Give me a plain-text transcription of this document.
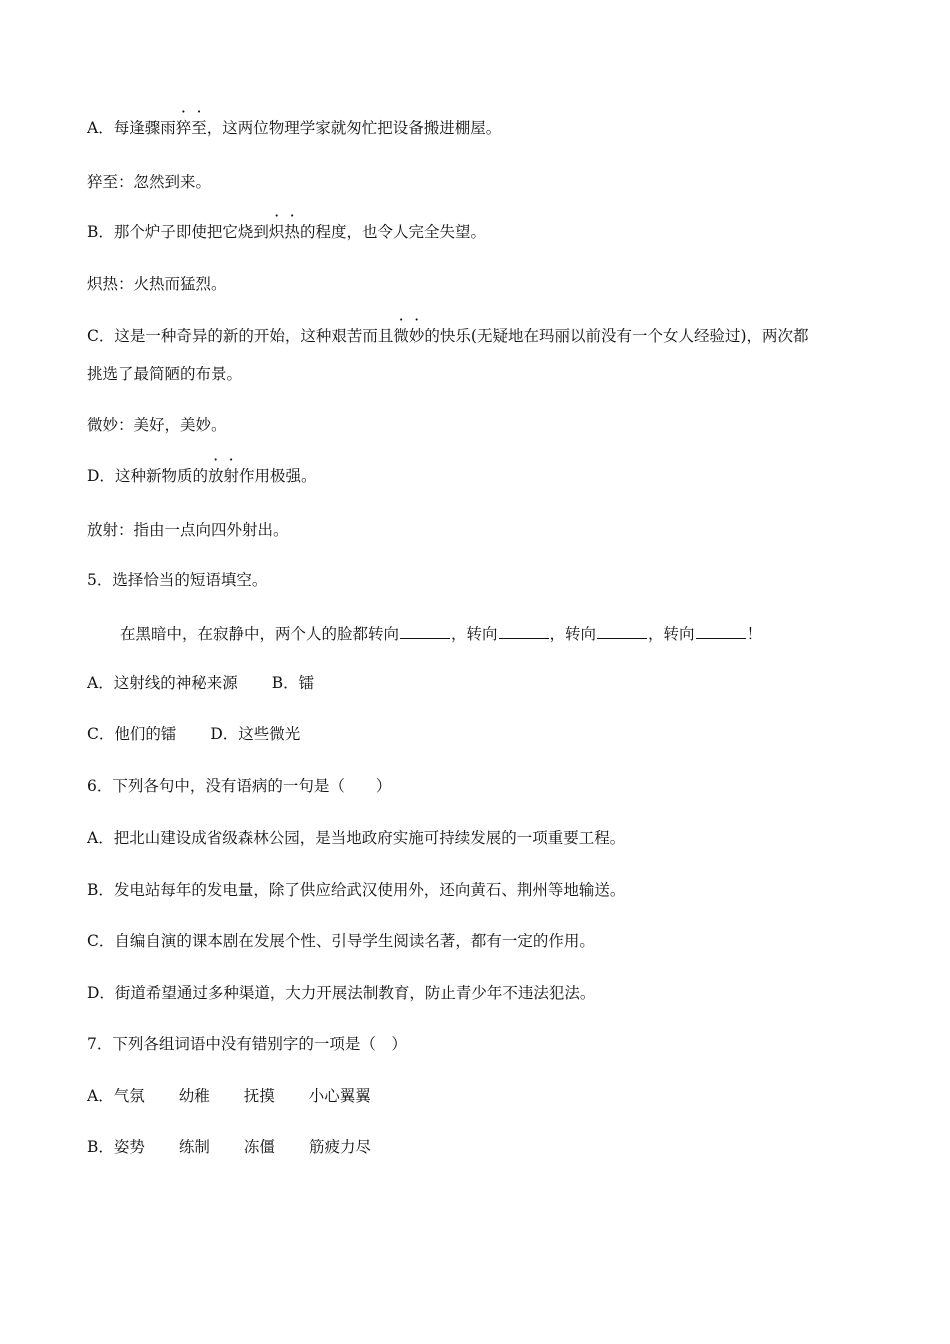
A．每逢骤雨猝至，这两位物理学家就匆忙把设备搬进棚屋。
猝至：忽然到来。
B．那个炉子即使把它烧到炽热的程度，也令人完全失望。
炽热：火热而猛烈。
C．这是一种奇异的新的开始，这种艰苦而且微妙的快乐(无疑地在玛丽以前没有一个女人经验过)，两次都
挑选了最简陋的布景。
微妙：美好，美妙。
D．这种新物质的放射作用极强。
放射：指由一点向四外射出。
5．选择恰当的短语填空。
在黑暗中，在寂静中，两个人的脸都转向	，转向	，转向	，转向	！
A．这射线的神秘来源 B．镭
C．他们的镭 D．这些微光
6．下列各句中，没有语病的一句是（　　）
A．把北山建设成省级森林公园，是当地政府实施可持续发展的一项重要工程。
B．发电站每年的发电量，除了供应给武汉使用外，还向黄石、荆州等地输送。
C．自编自演的课本剧在发展个性、引导学生阅读名著，都有一定的作用。
D．街道希望通过多种渠道，大力开展法制教育，防止青少年不违法犯法。
7．下列各组词语中没有错别字的一项是（　）
A．气氛 幼稚 抚摸 小心翼翼
B．姿势 练制 冻僵 筋疲力尽
